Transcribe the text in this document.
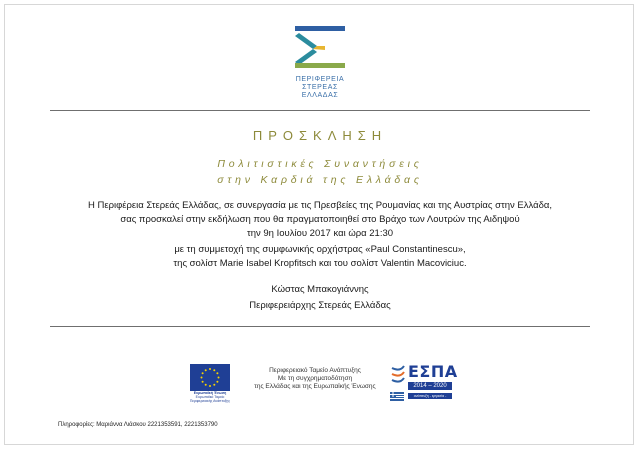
ΠΕΡΙΦΕΡΕΙΑ
ΣΤΕΡΕΑΣ
ΕΛΛΑΔΑΣ
ΠΡΟΣΚΛΗΣΗ
Πολιτιστικές Συναντήσεις
στην Καρδιά της Ελλάδας
Η Περιφέρεια Στερεάς Ελλάδας, σε συνεργασία με τις Πρεσβείες της Ρουμανίας και της Αυστρίας στην Ελλάδα,
σας προσκαλεί στην εκδήλωση που θα πραγματοποιηθεί στο Βράχο των Λουτρών της Αιδηψού
την 9η Ιουλίου 2017 και ώρα 21:30
με τη συμμετοχή της συμφωνικής ορχήστρας «Paul Constantinescu»,
της σολίστ Marie Isabel Kropfitsch και του σολίστ Valentin Macoviciuc.
Κώστας Μπακογιάννης
Περιφερειάρχης Στερεάς Ελλάδας
Ευρωπαϊκή Ένωση
Ευρωπαϊκό Ταμείο
Περιφερειακής Ανάπτυξης
Περιφερειακό Ταμείο Ανάπτυξης
Με τη συγχρηματοδότηση
της Ελλάδας και της Ευρωπαϊκής Ένωσης
ΕΣΠΑ
2014 – 2020
ανάπτυξη - εργασία - αλληλεγγύη
Πληροφορίες: Μαριάννα Λιάσκου 2221353591, 2221353790
